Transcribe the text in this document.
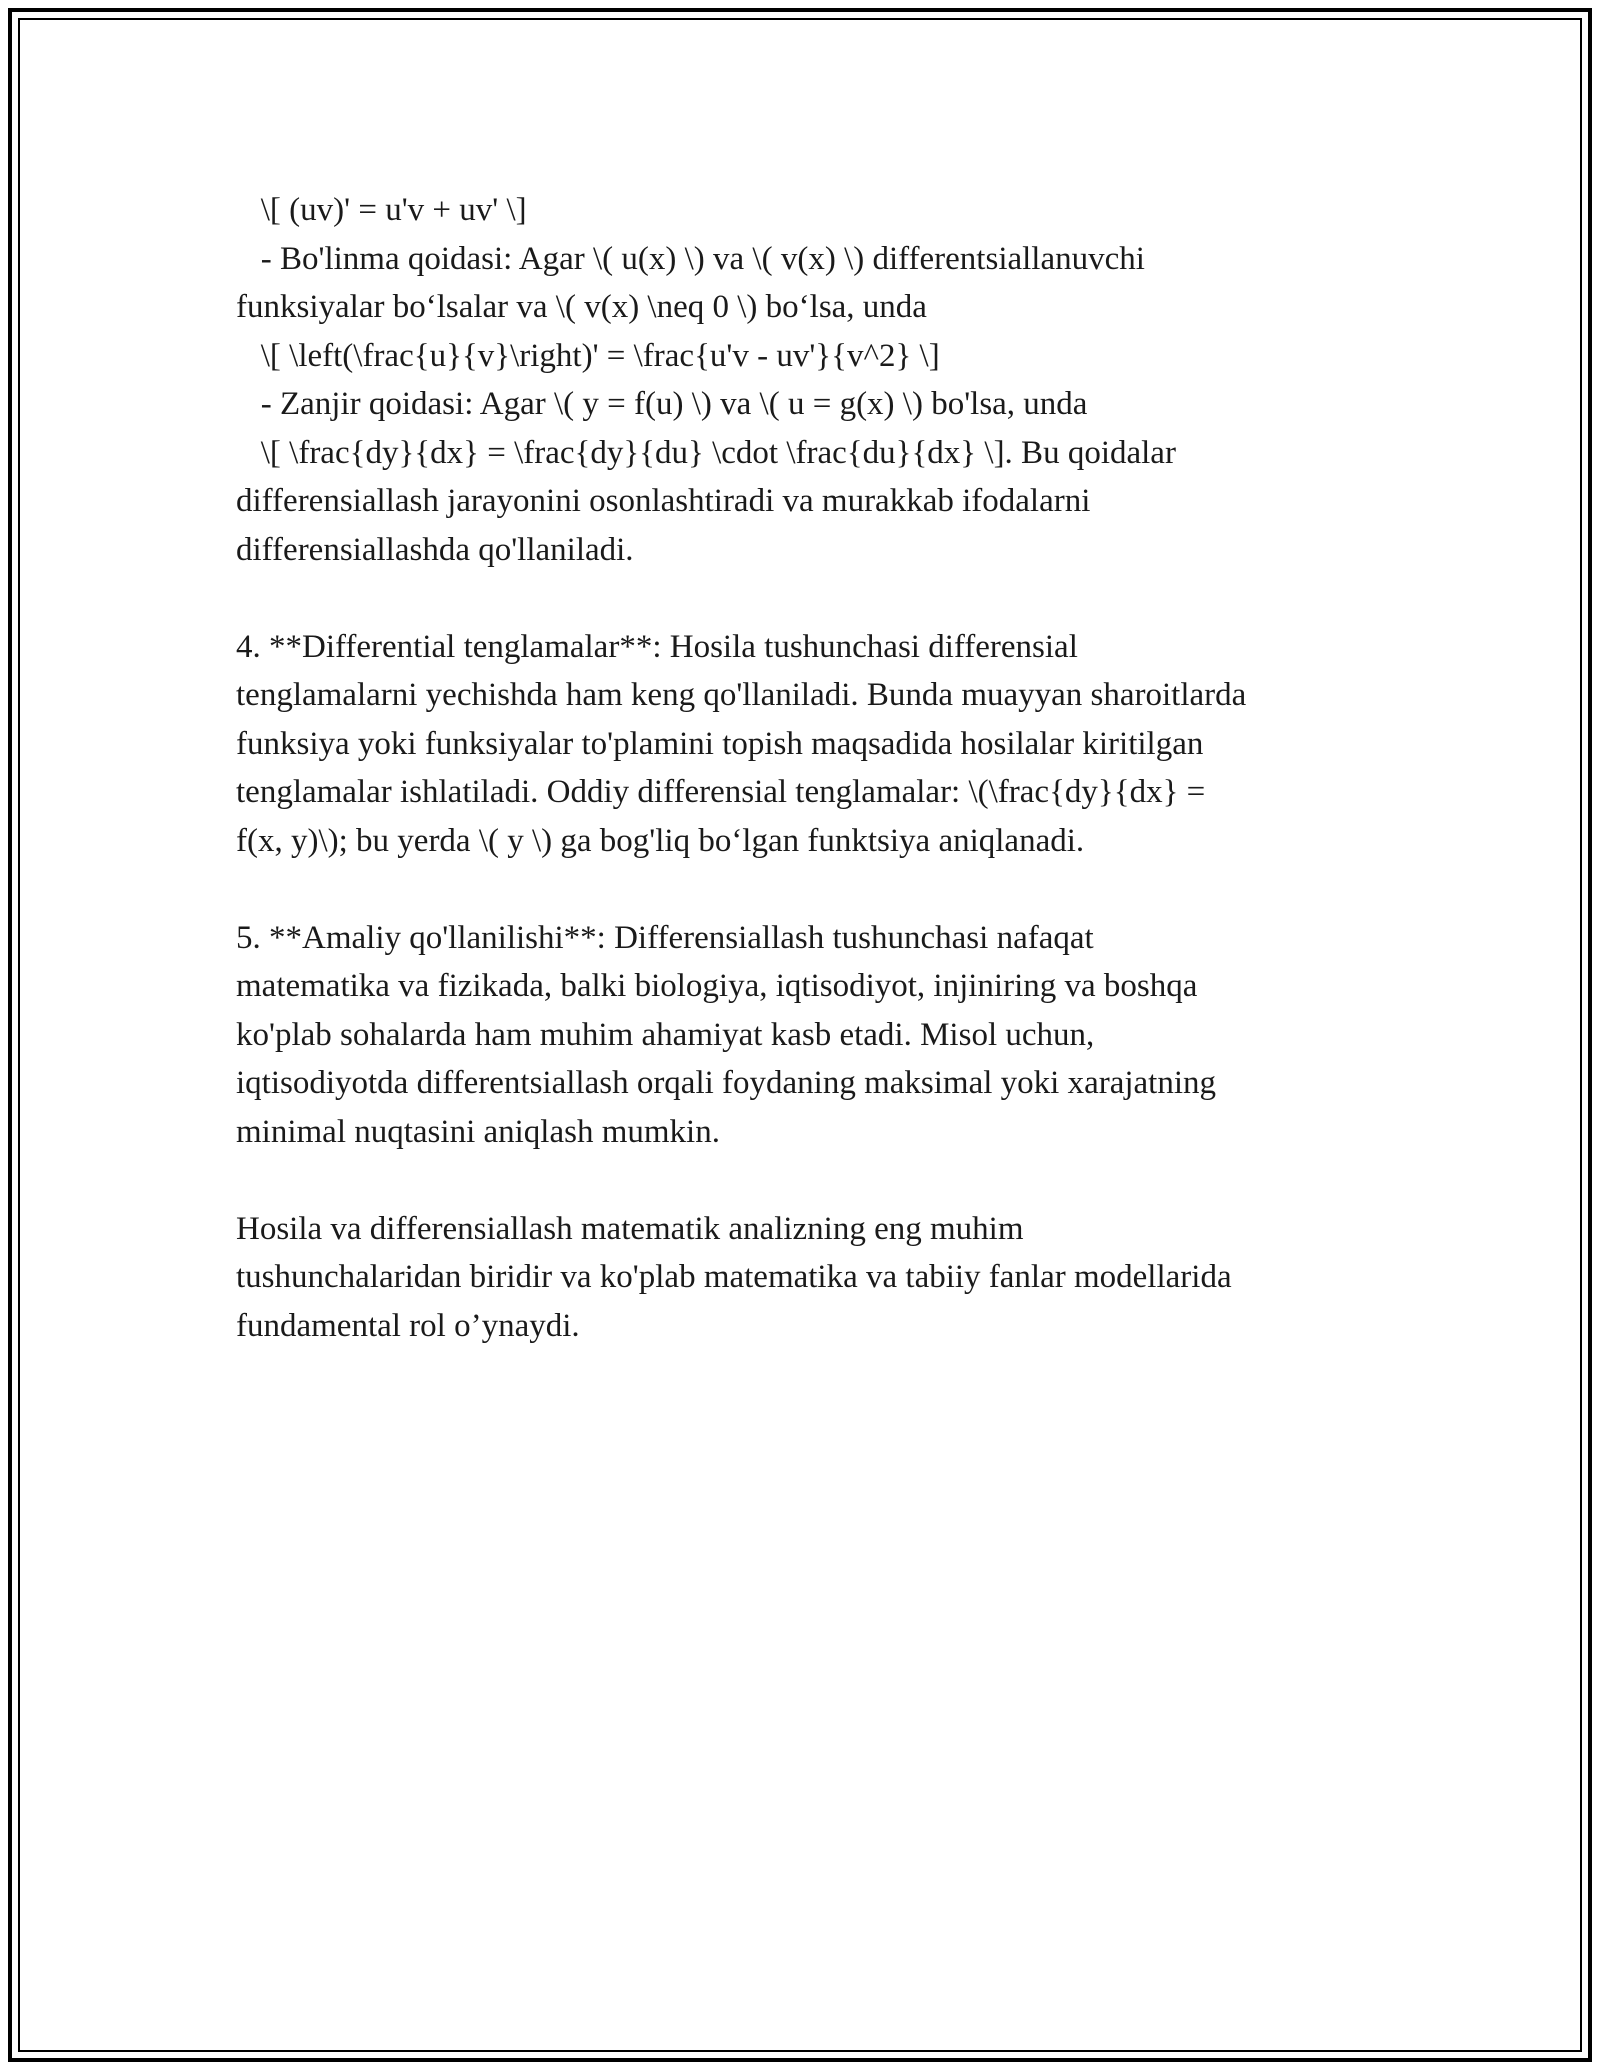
\[ (uv)' = u'v + uv' \]
- Bo'linma qoidasi: Agar \( u(x) \) va \( v(x) \) differentsiallanuvchi
funksiyalar bo‘lsalar va \( v(x) \neq 0 \) bo‘lsa, unda
\[ \left(\frac{u}{v}\right)' = \frac{u'v - uv'}{v^2} \]
- Zanjir qoidasi: Agar \( y = f(u) \) va \( u = g(x) \) bo'lsa, unda
\[ \frac{dy}{dx} = \frac{dy}{du} \cdot \frac{du}{dx} \]. Bu qoidalar
differensiallash jarayonini osonlashtiradi va murakkab ifodalarni
differensiallashda qo'llaniladi.
4. **Differential tenglamalar**: Hosila tushunchasi differensial
tenglamalarni yechishda ham keng qo'llaniladi. Bunda muayyan sharoitlarda
funksiya yoki funksiyalar to'plamini topish maqsadida hosilalar kiritilgan
tenglamalar ishlatiladi. Oddiy differensial tenglamalar: \(\frac{dy}{dx} =
f(x, y)\); bu yerda \( y \) ga bog'liq bo‘lgan funktsiya aniqlanadi.
5. **Amaliy qo'llanilishi**: Differensiallash tushunchasi nafaqat
matematika va fizikada, balki biologiya, iqtisodiyot, injiniring va boshqa
ko'plab sohalarda ham muhim ahamiyat kasb etadi. Misol uchun,
iqtisodiyotda differentsiallash orqali foydaning maksimal yoki xarajatning
minimal nuqtasini aniqlash mumkin.
Hosila va differensiallash matematik analizning eng muhim
tushunchalaridan biridir va ko'plab matematika va tabiiy fanlar modellarida
fundamental rol o’ynaydi.
